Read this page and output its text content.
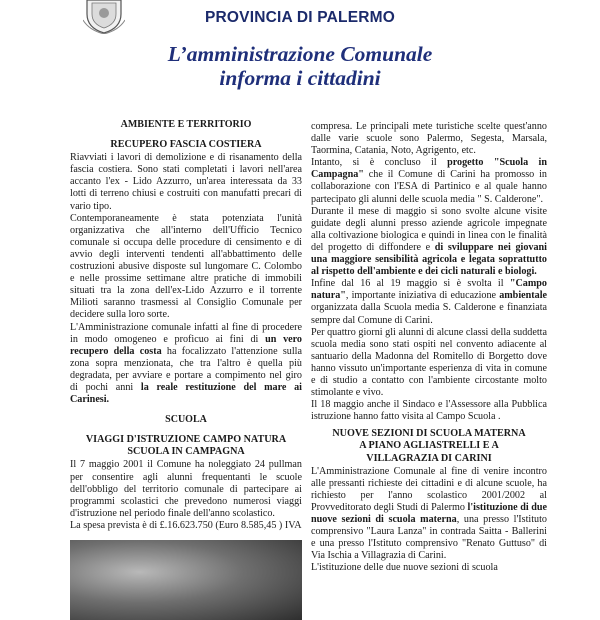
PROVINCIA DI PALERMO
L’amministrazione Comunale
informa i cittadini
AMBIENTE E TERRITORIO
RECUPERO FASCIA COSTIERA

Riavviati i lavori di demolizione e di risanamento della fascia costiera. Sono stati completati i lavori nell'area accanto l'ex - Lido Azzurro, un'area interessata da 33 lotti di terreno chiusi e costruiti con manufatti precari di vario tipo.

Contemporaneamente è stata potenziata l'unità organizzativa che all'interno dell'Ufficio Tecnico comunale si occupa delle procedure di censimento e di avvio degli interventi tendenti all'abbattimento delle costruzioni abusive disposte sul lungomare C. Colombo e nelle prossime settimane altre pratiche di immobili situati tra la zona dell'ex-Lido Azzurro e il torrente Milioti saranno trasmessi al Consiglio Comunale per decidere sulla loro sorte.

L'Amministrazione comunale infatti al fine di procedere in modo omogeneo e proficuo ai fini di un vero recupero della costa ha focalizzato l'attenzione sulla zona sopra menzionata, che tra l'altro è quella più degradata, per avviare e portare a compimento nel giro di pochi anni la reale restituzione del mare ai Carinesi.

SCUOLA
VIAGGI D'ISTRUZIONE CAMPO NATURA
SCUOLA IN CAMPAGNA

Il 7 maggio 2001 il Comune ha noleggiato 24 pullman per consentire agli alunni frequentanti le scuole dell'obbligo del territorio comunale di partecipare ai programmi scolastici che prevedono numerosi viaggi d'istruzione nel periodo finale dell'anno scolastico.

La spesa prevista è di £.16.623.750 (Euro 8.585,45 ) IVA

compresa. Le principali mete turistiche scelte quest'anno dalle varie scuole sono Palermo, Segesta, Marsala, Taormina, Catania, Noto, Agrigento, etc.

Intanto, si è concluso il progetto "Scuola in Campagna" che il Comune di Carini ha promosso in collaborazione con l'ESA di Partinico e al quale hanno partecipato gli alunni delle scuola media " S. Calderone".

Durante il mese di maggio si sono svolte alcune visite guidate degli alunni presso aziende agricole impegnate alla coltivazione biologica e quindi in linea con le finalità del progetto di diffondere e di sviluppare nei giovani una maggiore sensibilità agricola e legata soprattutto al rispetto dell'ambiente e dei cicli naturali e biologi.

Infine dal 16 al 19 maggio si è svolta il "Campo natura", importante iniziativa di educazione ambientale organizzata dalla Scuola media S. Calderone e finanziata sempre dal Comune di Carini.

Per quattro giorni gli alunni di alcune classi della suddetta scuola media sono stati ospiti nel convento adiacente al santuario della Madonna del Romitello di Borgetto dove hanno vissuto un'importante esperienza di vita in comune e di studio a contatto con l'ambiente circostante molto stimolante e vivo.

Il 18 maggio anche il Sindaco e l'Assessore alla Pubblica istruzione hanno fatto visita al Campo Scuola .

NUOVE SEZIONI DI SCUOLA MATERNA
A PIANO AGLIASTRELLI E A
VILLAGRAZIA DI CARINI

L'Amministrazione Comunale al fine di venire incontro alle pressanti richieste dei cittadini e di alcune scuole, ha richiesto per l'anno scolastico 2001/2002 al Provveditorato degli Studi di Palermo l'istituzione di due nuove sezioni di scuola materna, una presso l'Istituto comprensivo "Laura Lanza" in contrada Saitta - Ballerini e una presso l'Istituto comprensivo "Renato Guttuso" di Via Ischia a Villagrazia di Carini.

L'istituzione delle due nuove sezioni di scuola
